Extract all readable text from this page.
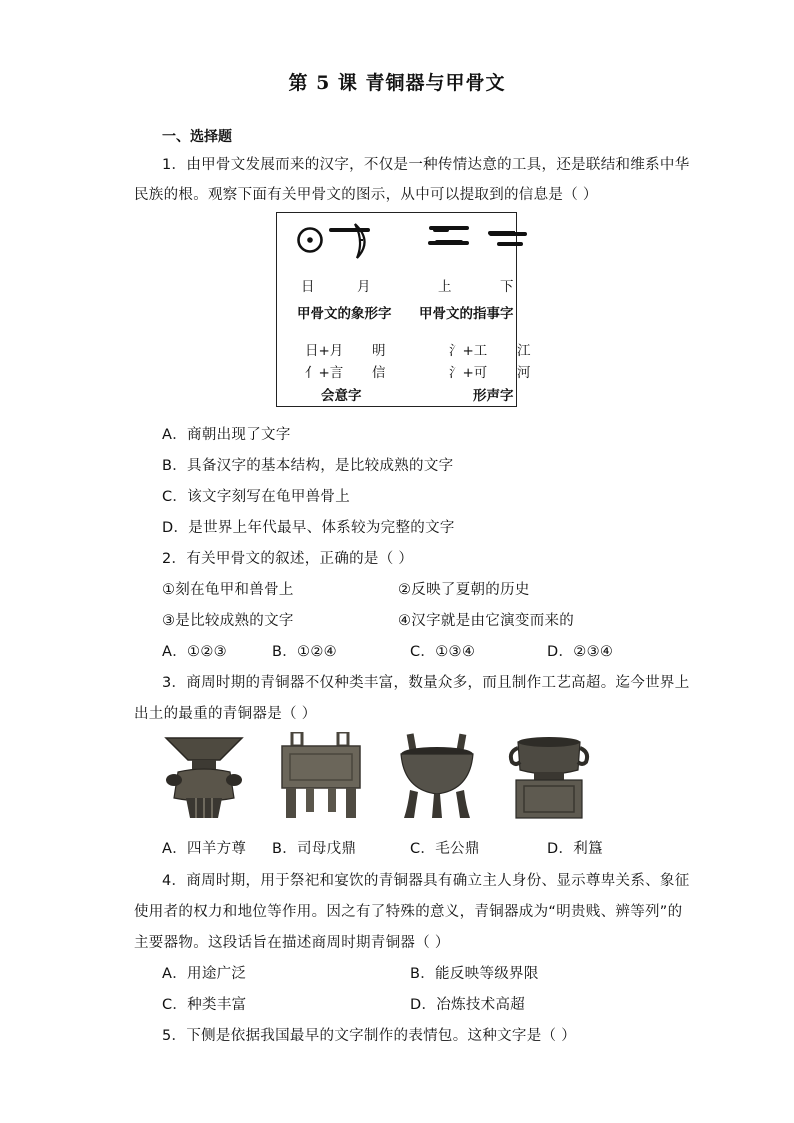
第 5 课 青铜器与甲骨文
一、选择题
1．由甲骨文发展而来的汉字，不仅是一种传情达意的工具，还是联结和维系中华
民族的根。观察下面有关甲骨文的图示，从中可以提取到的信息是（ ）
日	月	上	下
甲骨文的象形字 甲骨文的指事字
日+月 明
亻+言 信
会意字
氵+工 江
氵+可 河
形声字
A．商朝出现了文字
B．具备汉字的基本结构，是比较成熟的文字
C．该文字刻写在龟甲兽骨上
D．是世界上年代最早、体系较为完整的文字
2．有关甲骨文的叙述，正确的是（ ）
①刻在龟甲和兽骨上	②反映了夏朝的历史
③是比较成熟的文字	④汉字就是由它演变而来的
A．①②③	B．①②④	C．①③④	D．②③④
3．商周时期的青铜器不仅种类丰富，数量众多，而且制作工艺高超。迄今世界上
出土的最重的青铜器是（ ）
A．四羊方尊 B．司母戊鼎	C．毛公鼎	D．利簋
4．商周时期，用于祭祀和宴饮的青铜器具有确立主人身份、显示尊卑关系、象征
使用者的权力和地位等作用。因之有了特殊的意义，青铜器成为“明贵贱、辨等列”的
主要器物。这段话旨在描述商周时期青铜器（ ）
A．用途广泛	B．能反映等级界限
C．种类丰富	D．冶炼技术高超
5．下侧是依据我国最早的文字制作的表情包。这种文字是（ ）
